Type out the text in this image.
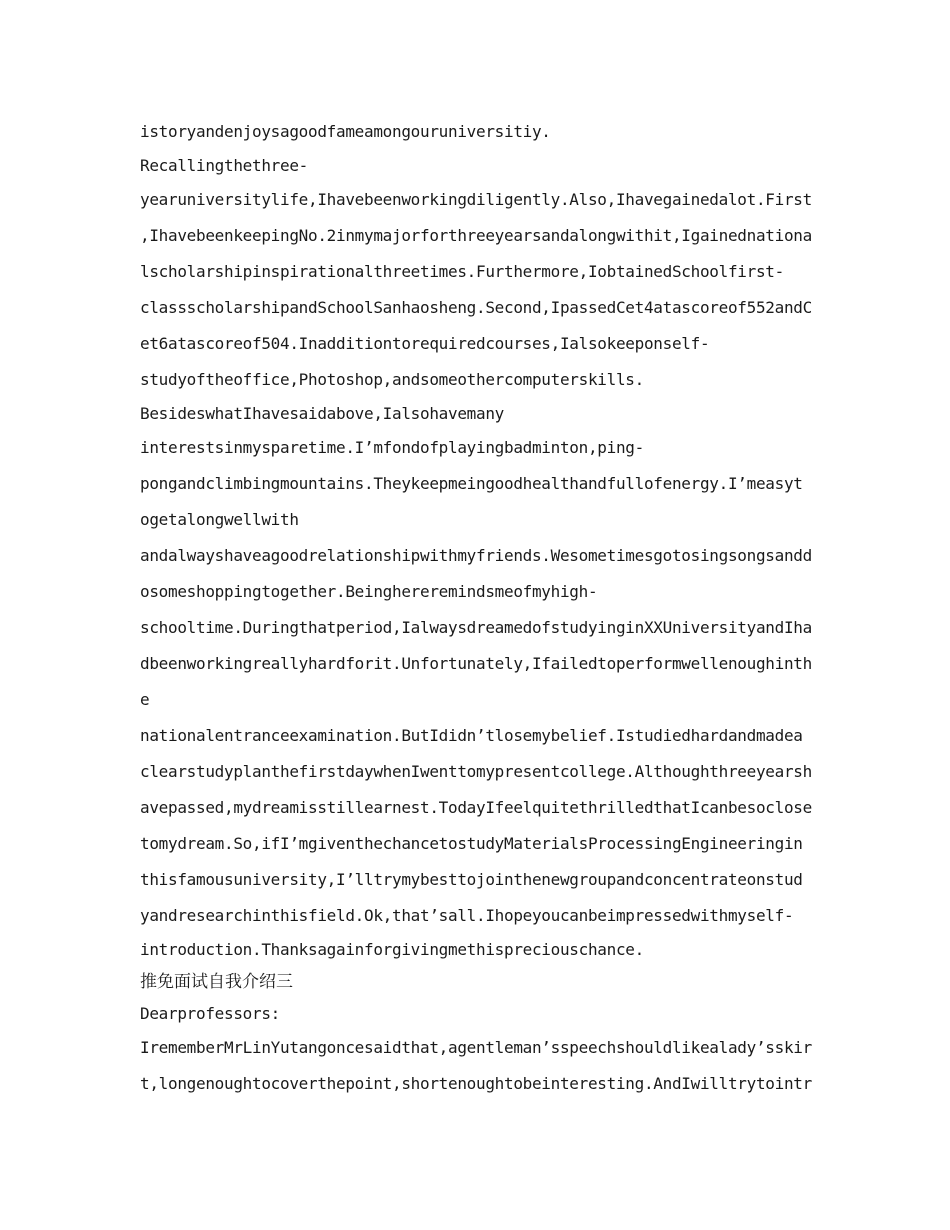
istoryandenjoysagoodfameamongouruniversitiy.
Recallingthethree-
yearuniversitylife,Ihavebeenworkingdiligently.Also,Ihavegainedalot.First
,IhavebeenkeepingNo.2inmymajorforthreeyearsandalongwithit,Igainednationa
lscholarshipinspirationalthreetimes.Furthermore,IobtainedSchoolfirst-
classscholarshipandSchoolSanhaosheng.Second,IpassedCet4atascoreof552andC
et6atascoreof504.Inadditiontorequiredcourses,Ialsokeeponself-
studyoftheoffice,Photoshop,andsomeothercomputerskills.
BesideswhatIhavesaidabove,Ialsohavemany
interestsinmysparetime.I’mfondofplayingbadminton,ping-
pongandclimbingmountains.Theykeepmeingoodhealthandfullofenergy.I’measyt
ogetalongwellwith
andalwayshaveagoodrelationshipwithmyfriends.Wesometimesgotosingsongsandd
osomeshoppingtogether.Beinghereremindsmeofmyhigh-
schooltime.Duringthatperiod,IalwaysdreamedofstudyinginXXUniversityandIha
dbeenworkingreallyhardforit.Unfortunately,Ifailedtoperformwellenoughinth
e
nationalentranceexamination.ButIdidn’tlosemybelief.Istudiedhardandmadea
clearstudyplanthefirstdaywhenIwenttomypresentcollege.Althoughthreeyearsh
avepassed,mydreamisstillearnest.TodayIfeelquitethrilledthatIcanbesoclose
tomydream.So,ifI’mgiventhechancetostudyMaterialsProcessingEngineeringin
thisfamousuniversity,I’lltrymybesttojointhenewgroupandconcentrateonstud
yandresearchinthisfield.Ok,that’sall.Ihopeyoucanbeimpressedwithmyself-
introduction.Thanksagainforgivingmethispreciouschance.
推免面试自我介绍三
Dearprofessors:
IrememberMrLinYutangoncesaidthat,agentleman’sspeechshouldlikealady’sskir
t,longenoughtocoverthepoint,shortenoughtobeinteresting.AndIwilltrytointr
